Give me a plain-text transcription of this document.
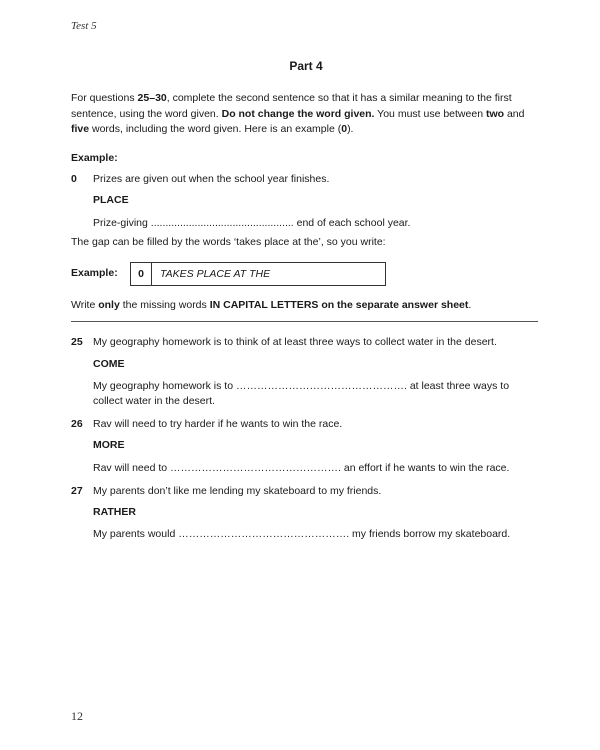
Test 5
Part 4

For questions 25–30, complete the second sentence so that it has a similar meaning to the first sentence, using the word given. Do not change the word given. You must use between two and five words, including the word given. Here is an example (0).

Example:
0	Prizes are given out when the school year finishes.
PLACE
Prize-giving ................................................. end of each school year.
The gap can be filled by the words ‘takes place at the’, so you write:
Example:	0	TAKES PLACE AT THE
Write only the missing words IN CAPITAL LETTERS on the separate answer sheet.
25 My geography homework is to think of at least three ways to collect water in the desert.
COME
My geography homework is to …………………………………………. at least three ways to collect water in the desert.
26 Rav will need to try harder if he wants to win the race.
MORE
Rav will need to …………………………………………. an effort if he wants to win the race.
27 My parents don’t like me lending my skateboard to my friends.
RATHER
My parents would …………………………………………. my friends borrow my skateboard.
12
